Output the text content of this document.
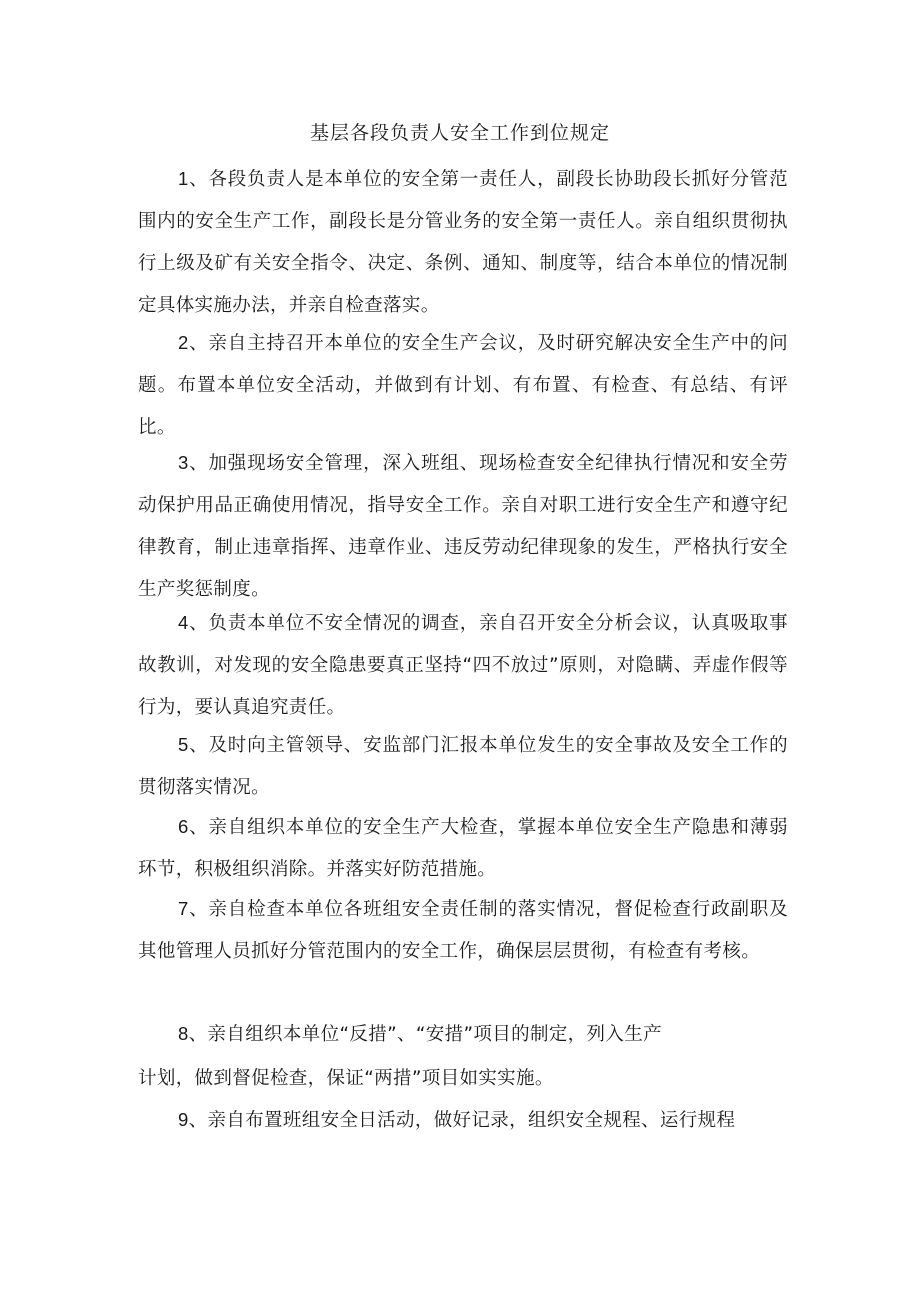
基层各段负责人安全工作到位规定

1、各段负责人是本单位的安全第一责任人，副段长协助段长抓好分管范围内的安全生产工作，副段长是分管业务的安全第一责任人。亲自组织贯彻执行上级及矿有关安全指令、决定、条例、通知、制度等，结合本单位的情况制定具体实施办法，并亲自检查落实。

2、亲自主持召开本单位的安全生产会议，及时研究解决安全生产中的问题。布置本单位安全活动，并做到有计划、有布置、有检查、有总结、有评比。

3、加强现场安全管理，深入班组、现场检查安全纪律执行情况和安全劳动保护用品正确使用情况，指导安全工作。亲自对职工进行安全生产和遵守纪律教育，制止违章指挥、违章作业、违反劳动纪律现象的发生，严格执行安全生产奖惩制度。

4、负责本单位不安全情况的调查，亲自召开安全分析会议，认真吸取事故教训，对发现的安全隐患要真正坚持“四不放过”原则，对隐瞒、弄虚作假等行为，要认真追究责任。

5、及时向主管领导、安监部门汇报本单位发生的安全事故及安全工作的贯彻落实情况。

6、亲自组织本单位的安全生产大检查，掌握本单位安全生产隐患和薄弱环节，积极组织消除。并落实好防范措施。

7、亲自检查本单位各班组安全责任制的落实情况，督促检查行政副职及其他管理人员抓好分管范围内的安全工作，确保层层贯彻，有检查有考核。

8、亲自组织本单位“反措”、“安措”项目的制定，列入生产
计划，做到督促检查，保证“两措”项目如实实施。
9、亲自布置班组安全日活动，做好记录，组织安全规程、运行规程
